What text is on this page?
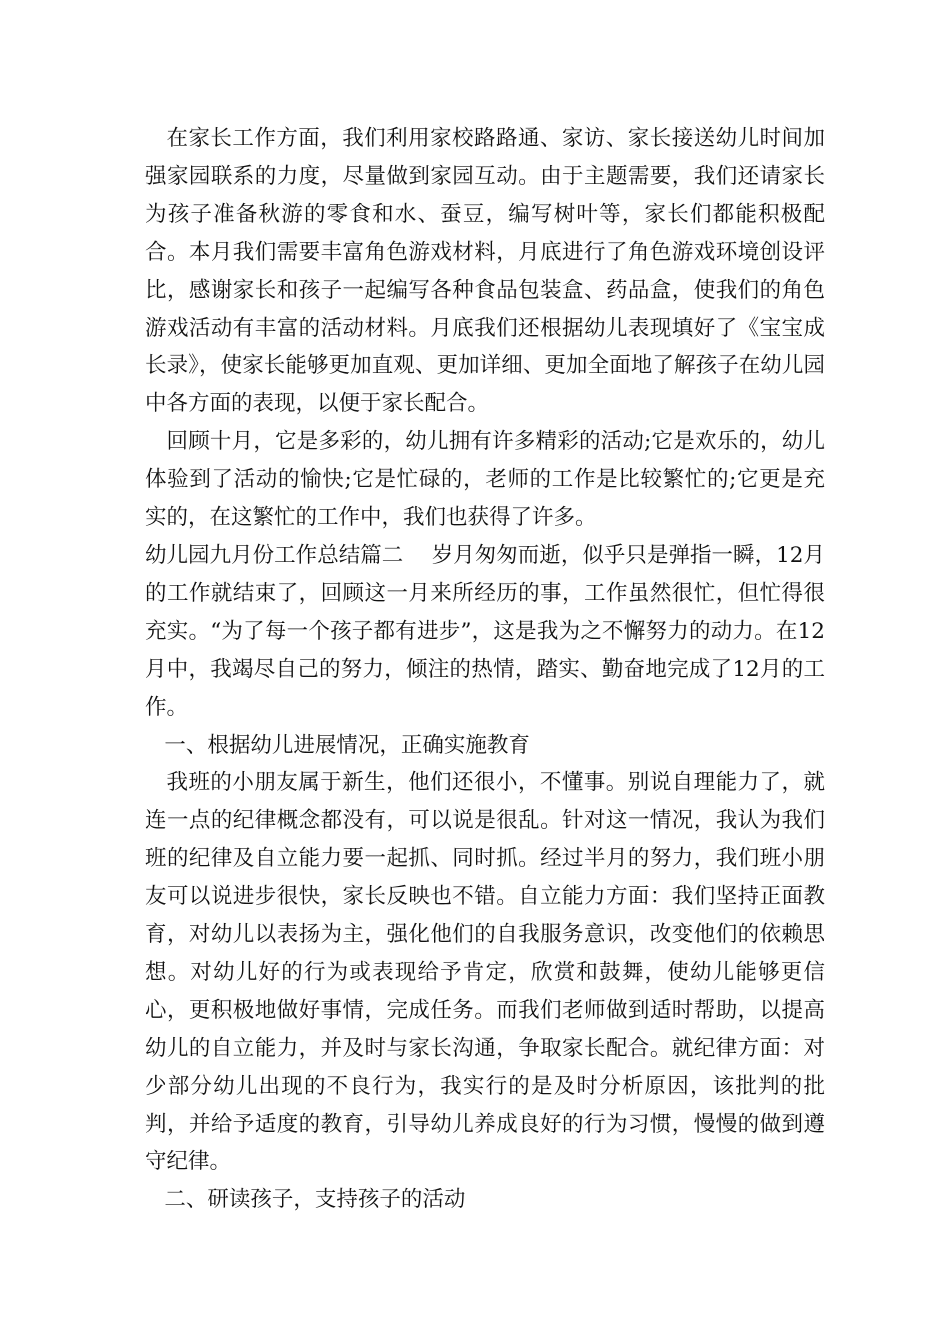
在家长工作方面，我们利用家校路路通、家访、家长接送幼儿时间加强家园联系的力度，尽量做到家园互动。由于主题需要，我们还请家长为孩子准备秋游的零食和水、蚕豆，编写树叶等，家长们都能积极配合。本月我们需要丰富角色游戏材料，月底进行了角色游戏环境创设评比，感谢家长和孩子一起编写各种食品包装盒、药品盒，使我们的角色游戏活动有丰富的活动材料。月底我们还根据幼儿表现填好了《宝宝成长录》，使家长能够更加直观、更加详细、更加全面地了解孩子在幼儿园中各方面的表现，以便于家长配合。

回顾十月，它是多彩的，幼儿拥有许多精彩的活动;它是欢乐的，幼儿体验到了活动的愉快;它是忙碌的，老师的工作是比较繁忙的;它更是充实的，在这繁忙的工作中，我们也获得了许多。

幼儿园九月份工作总结篇二　 岁月匆匆而逝，似乎只是弹指一瞬，12月的工作就结束了，回顾这一月来所经历的事，工作虽然很忙，但忙得很充实。“为了每一个孩子都有进步”，这是我为之不懈努力的动力。在12月中，我竭尽自己的努力，倾注的热情，踏实、勤奋地完成了12月的工作。

一、根据幼儿进展情况，正确实施教育

我班的小朋友属于新生，他们还很小，不懂事。别说自理能力了，就连一点的纪律概念都没有，可以说是很乱。针对这一情况，我认为我们班的纪律及自立能力要一起抓、同时抓。经过半月的努力，我们班小朋友可以说进步很快，家长反映也不错。自立能力方面：我们坚持正面教育，对幼儿以表扬为主，强化他们的自我服务意识，改变他们的依赖思想。对幼儿好的行为或表现给予肯定，欣赏和鼓舞，使幼儿能够更信心，更积极地做好事情，完成任务。而我们老师做到适时帮助，以提高幼儿的自立能力，并及时与家长沟通，争取家长配合。就纪律方面：对少部分幼儿出现的不良行为，我实行的是及时分析原因，该批判的批判，并给予适度的教育，引导幼儿养成良好的行为习惯，慢慢的做到遵守纪律。

二、研读孩子，支持孩子的活动
